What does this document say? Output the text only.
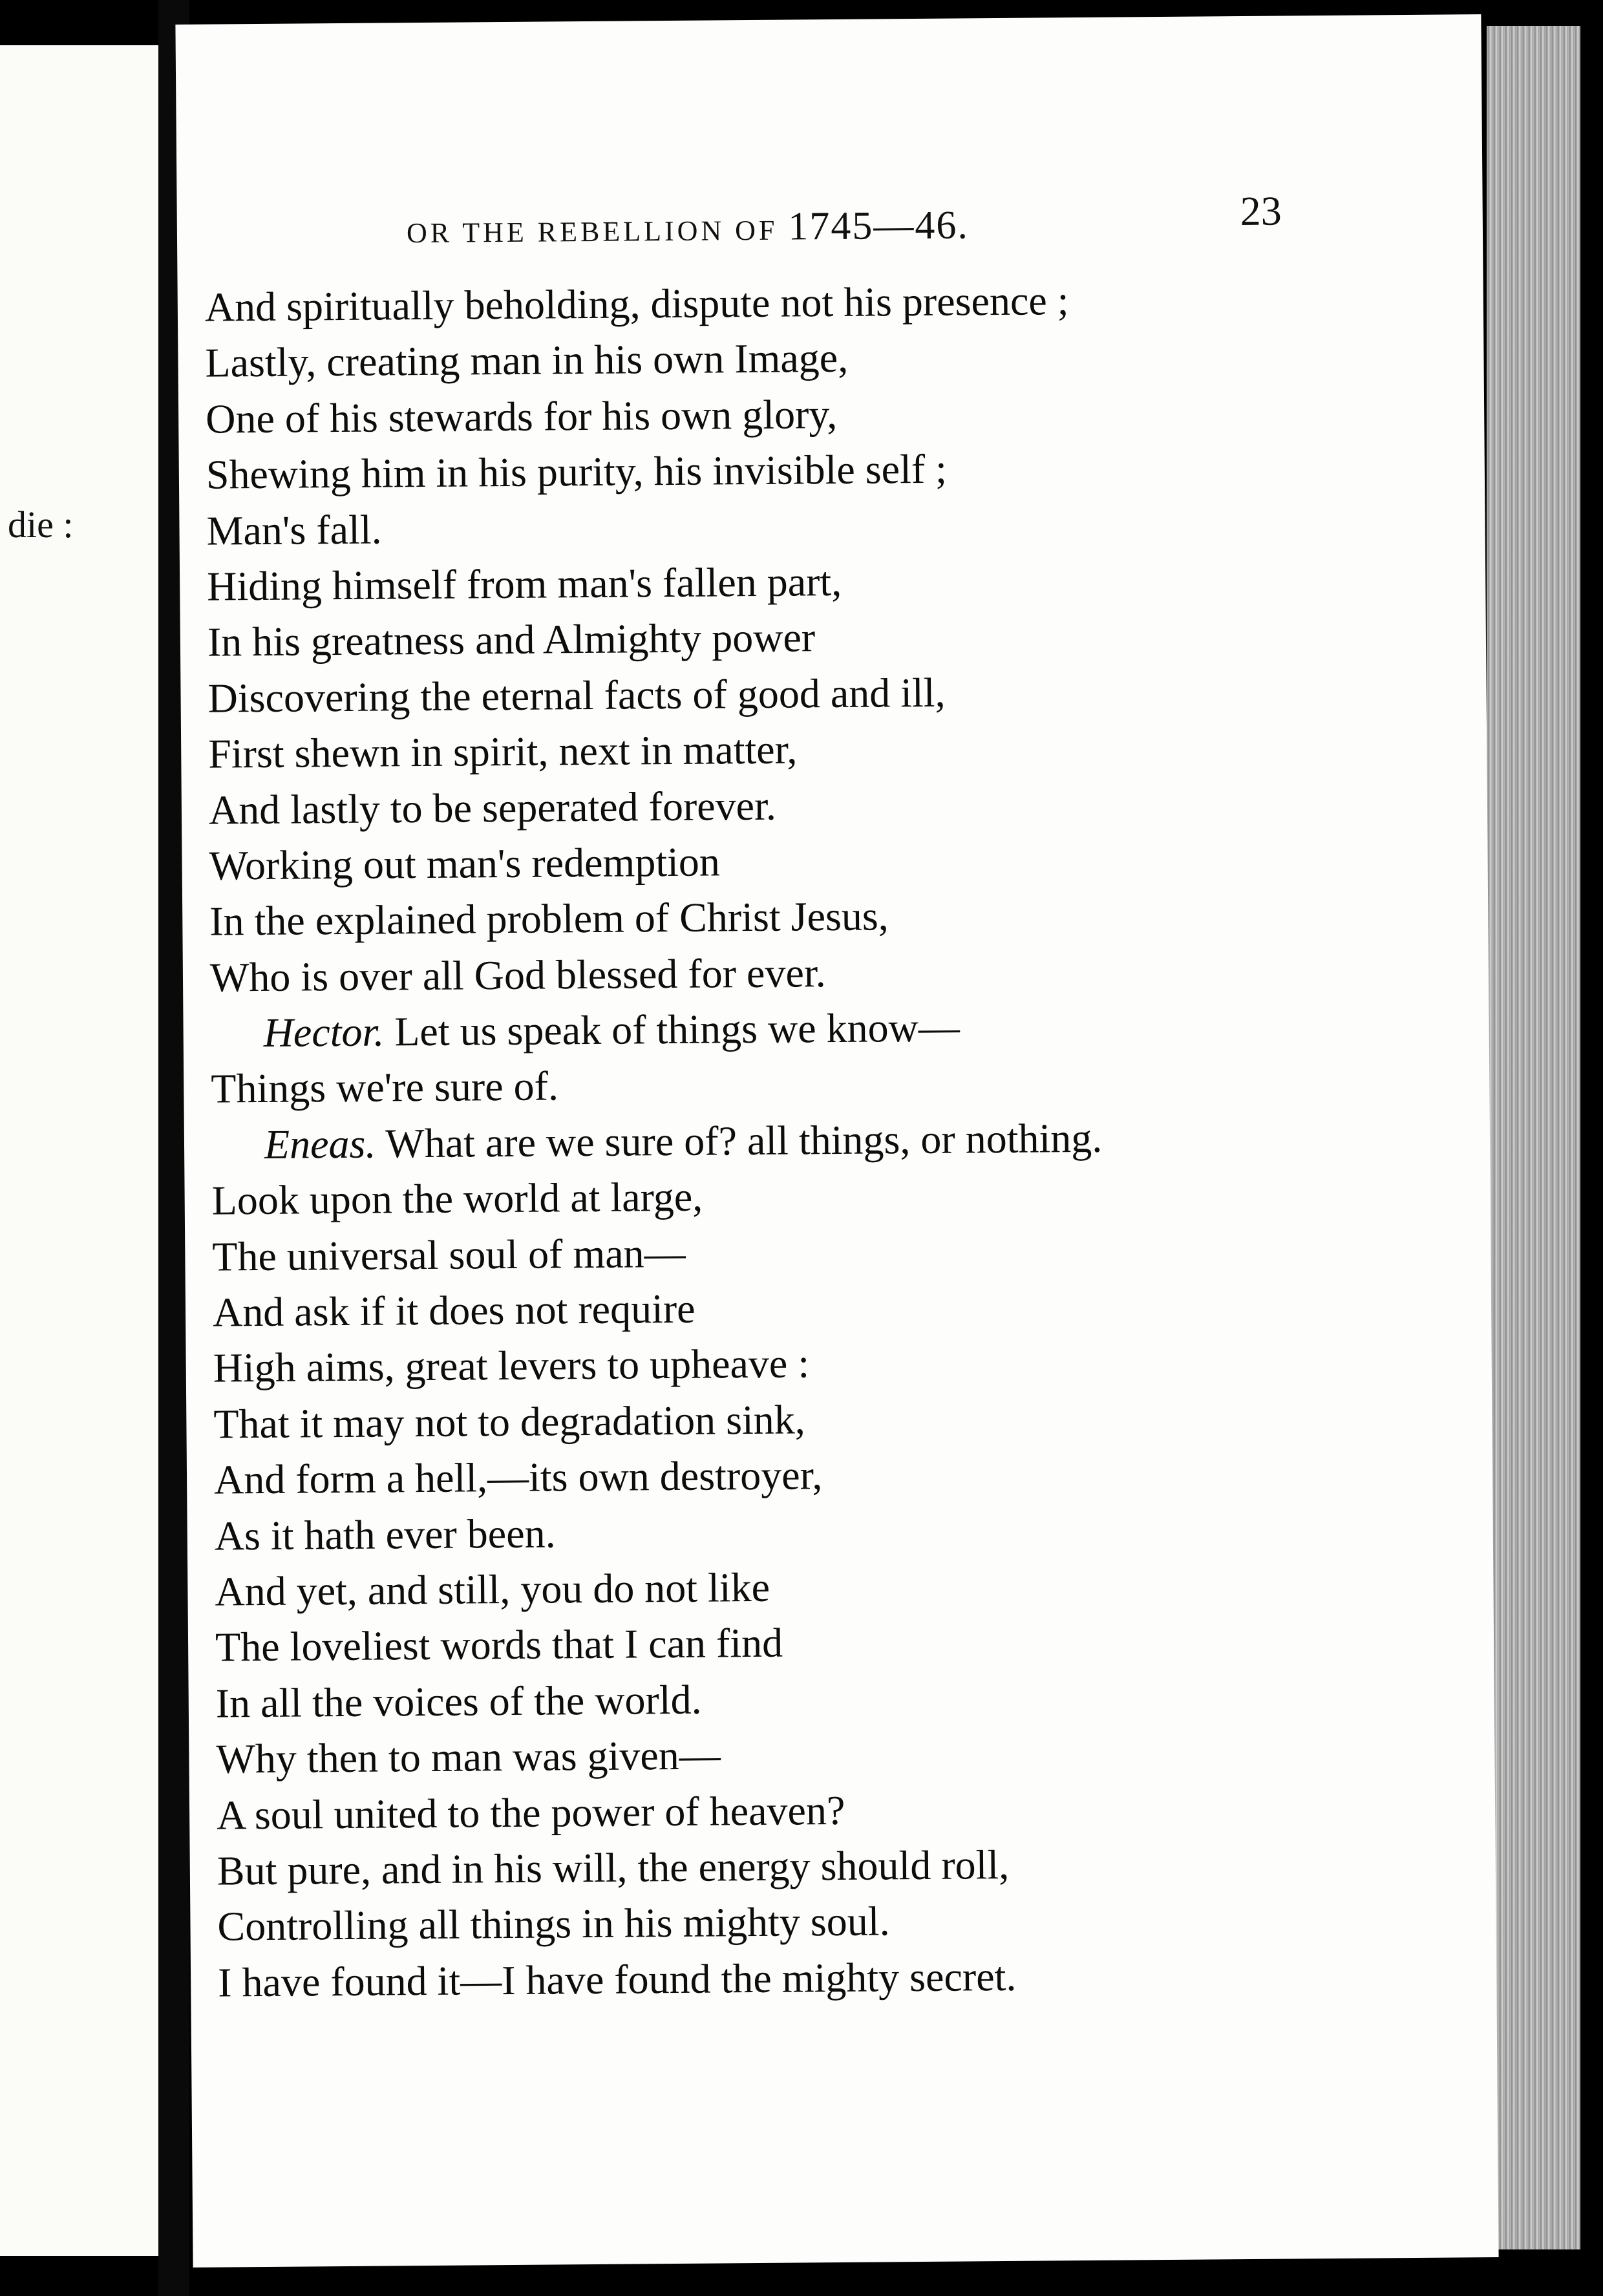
die :
OR THE REBELLION OF 1745—46.	23
And spiritually beholding, dispute not his presence ;
Lastly, creating man in his own Image,
One of his stewards for his own glory,
Shewing him in his purity, his invisible self ;
Man's fall.
Hiding himself from man's fallen part,
In his greatness and Almighty power
Discovering the eternal facts of good and ill,
First shewn in spirit, next in matter,
And lastly to be seperated forever.
Working out man's redemption
In the explained problem of Christ Jesus,
Who is over all God blessed for ever.
Hector. Let us speak of things we know—
Things we're sure of.
Eneas. What are we sure of? all things, or nothing.
Look upon the world at large,
The universal soul of man—
And ask if it does not require
High aims, great levers to upheave :
That it may not to degradation sink,
And form a hell,—its own destroyer,
As it hath ever been.
And yet, and still, you do not like
The loveliest words that I can find
In all the voices of the world.
Why then to man was given—
A soul united to the power of heaven?
But pure, and in his will, the energy should roll,
Controlling all things in his mighty soul.
I have found it—I have found the mighty secret.
